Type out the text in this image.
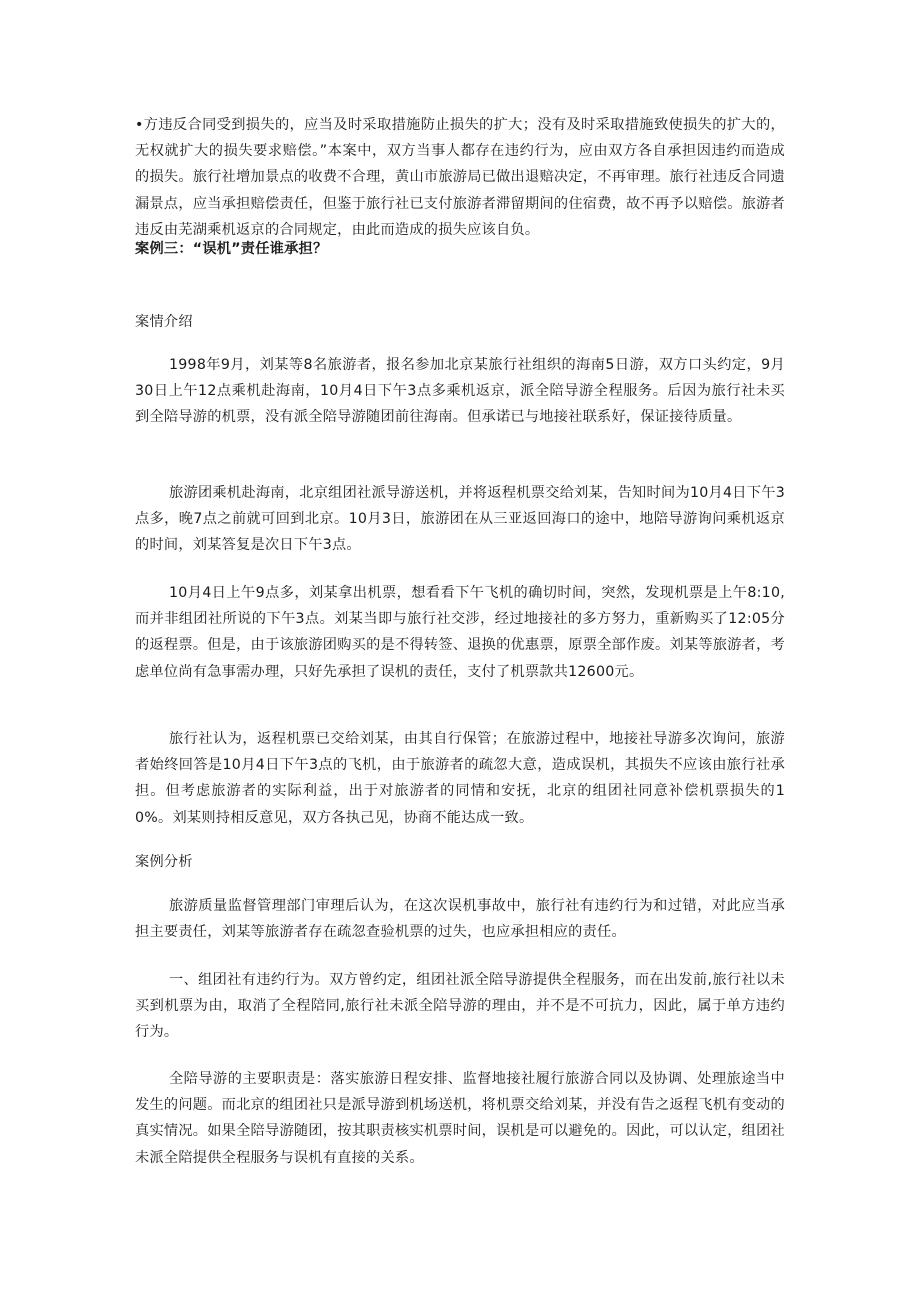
•方违反合同受到损失的，应当及时采取措施防止损失的扩大；没有及时采取措施致使损失的扩大的，无权就扩大的损失要求赔偿。”本案中，双方当事人都存在违约行为，应由双方各自承担因违约而造成的损失。旅行社增加景点的收费不合理，黄山市旅游局已做出退赔决定，不再审理。旅行社违反合同遗漏景点，应当承担赔偿责任，但鉴于旅行社已支付旅游者滞留期间的住宿费，故不再予以赔偿。旅游者违反由芜湖乘机返京的合同规定，由此而造成的损失应该自负。

案例三：“误机”责任谁承担？

案情介绍

1998年9月，刘某等8名旅游者，报名参加北京某旅行社组织的海南5日游，双方口头约定，9月30日上午12点乘机赴海南，10月4日下午3点多乘机返京，派全陪导游全程服务。后因为旅行社未买到全陪导游的机票，没有派全陪导游随团前往海南。但承诺已与地接社联系好，保证接待质量。

旅游团乘机赴海南，北京组团社派导游送机，并将返程机票交给刘某，告知时间为10月4日下午3点多，晚7点之前就可回到北京。10月3日，旅游团在从三亚返回海口的途中，地陪导游询问乘机返京的时间，刘某答复是次日下午3点。

10月4日上午9点多，刘某拿出机票，想看看下午飞机的确切时间，突然，发现机票是上午8:10,而并非组团社所说的下午3点。刘某当即与旅行社交涉，经过地接社的多方努力，重新购买了12:05分的返程票。但是，由于该旅游团购买的是不得转签、退换的优惠票，原票全部作废。刘某等旅游者，考虑单位尚有急事需办理，只好先承担了误机的责任，支付了机票款共12600元。

旅行社认为，返程机票已交给刘某，由其自行保管；在旅游过程中，地接社导游多次询问，旅游者始终回答是10月4日下午3点的飞机，由于旅游者的疏忽大意，造成误机，其损失不应该由旅行社承担。但考虑旅游者的实际利益，出于对旅游者的同情和安抚，北京的组团社同意补偿机票损失的10%。刘某则持相反意见，双方各执己见，协商不能达成一致。

案例分析

旅游质量监督管理部门审理后认为，在这次误机事故中，旅行社有违约行为和过错，对此应当承担主要责任，刘某等旅游者存在疏忽查验机票的过失，也应承担相应的责任。

一、组团社有违约行为。双方曾约定，组团社派全陪导游提供全程服务，而在出发前,旅行社以未买到机票为由，取消了全程陪同,旅行社未派全陪导游的理由，并不是不可抗力，因此，属于单方违约行为。

全陪导游的主要职责是：落实旅游日程安排、监督地接社履行旅游合同以及协调、处理旅途当中发生的问题。而北京的组团社只是派导游到机场送机，将机票交给刘某，并没有告之返程飞机有变动的真实情况。如果全陪导游随团，按其职责核实机票时间，误机是可以避免的。因此，可以认定，组团社未派全陪提供全程服务与误机有直接的关系。
